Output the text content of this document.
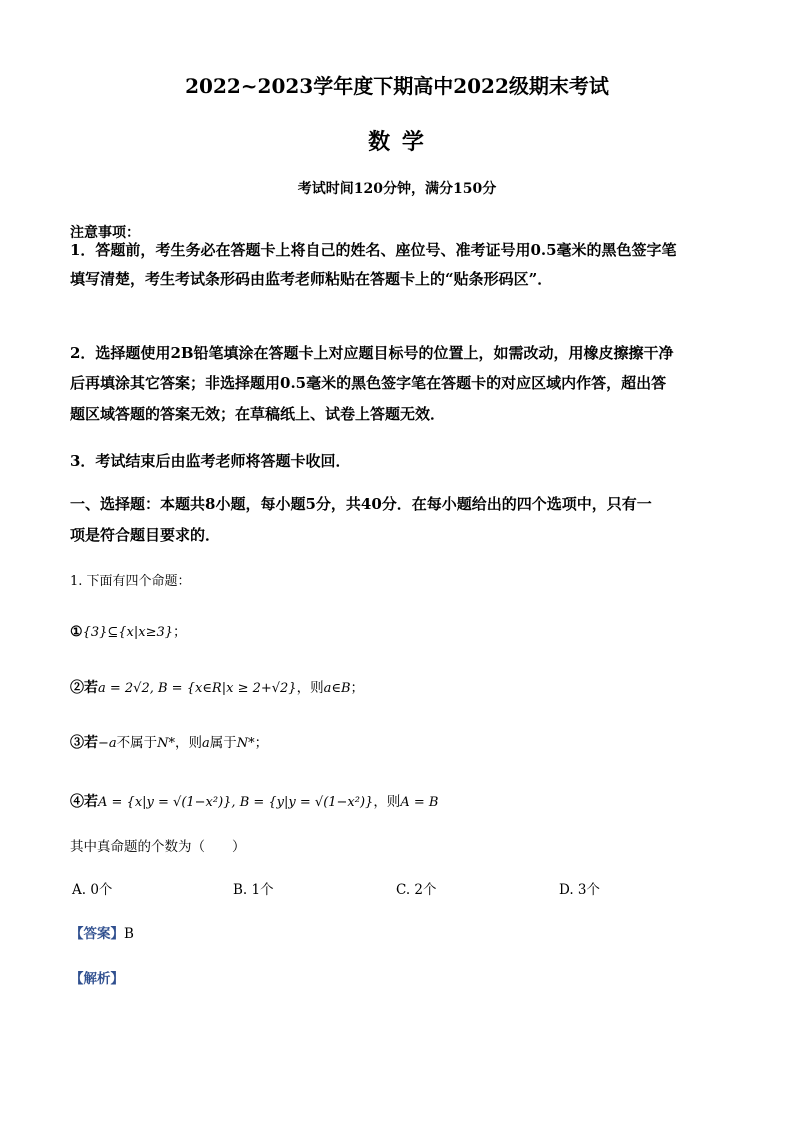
2022~2023学年度下期高中2022级期末考试
数 学
考试时间120分钟，满分150分
注意事项：
1．答题前，考生务必在答题卡上将自己的姓名、座位号、准考证号用0.5毫米的黑色签字笔
填写清楚，考生考试条形码由监考老师粘贴在答题卡上的“贴条形码区”．
2．选择题使用2B铅笔填涂在答题卡上对应题目标号的位置上，如需改动，用橡皮擦擦干净
后再填涂其它答案；非选择题用0.5毫米的黑色签字笔在答题卡的对应区域内作答，超出答
题区域答题的答案无效；在草稿纸上、试卷上答题无效．
3．考试结束后由监考老师将答题卡收回．
一、选择题：本题共8小题，每小题5分，共40分．在每小题给出的四个选项中，只有一
项是符合题目要求的．
1. 下面有四个命题：
①{3}⊆{x|x≥3}；
②若a = 2√2, B = {x∈R|x ≥ 2+√2}，则a∈B；
③若−a不属于N*，则a属于N*；
④若A = {x|y = √(1−x²)}, B = {y|y = √(1−x²)}，则A = B
其中真命题的个数为（　　）
A. 0个	B. 1个	C. 2个	D. 3个
【答案】B
【解析】
